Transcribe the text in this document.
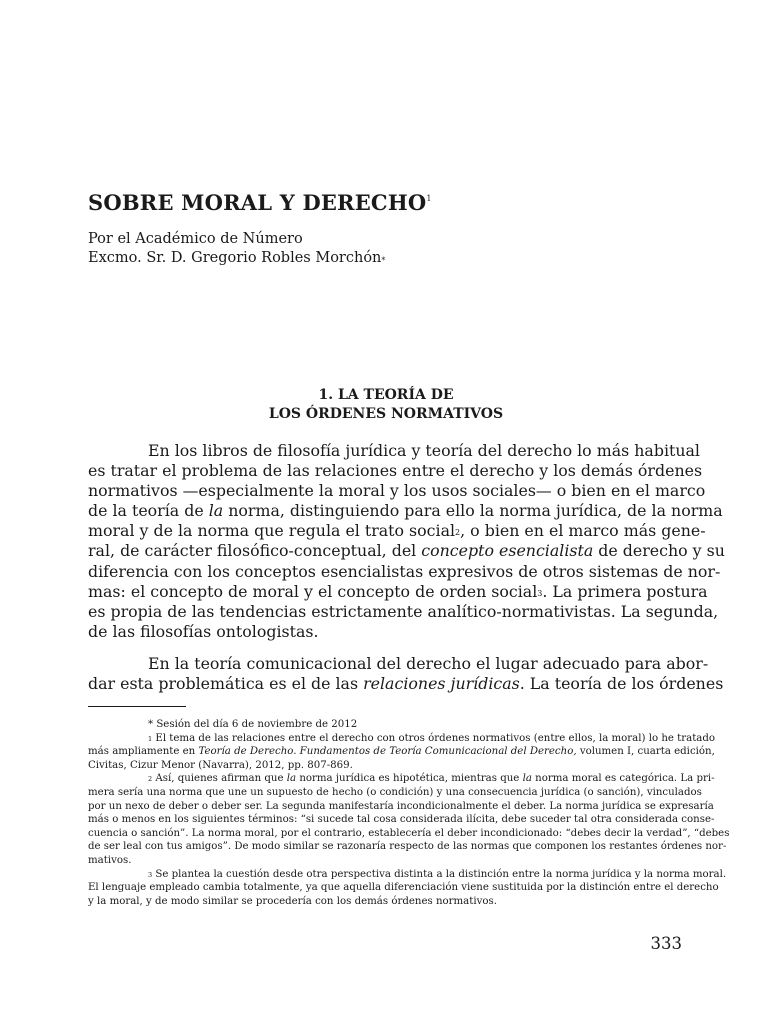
SOBRE MORAL Y DERECHO$^1$
Por el Académico de Número
Excmo. Sr. D. Gregorio Robles Morchón*
1. LA TEORÍA DE
LOS ÓRDENES NORMATIVOS
En los libros de filosofía jurídica y teoría del derecho lo más habitual
es tratar el problema de las relaciones entre el derecho y los demás órdenes
normativos —especialmente la moral y los usos sociales— o bien en el marco
de la teoría de la norma, distinguiendo para ello la norma jurídica, de la norma
moral y de la norma que regula el trato social$^2$, o bien en el marco más gene-
ral, de carácter filosófico-conceptual, del concepto esencialista de derecho y su
diferencia con los conceptos esencialistas expresivos de otros sistemas de nor-
mas: el concepto de moral y el concepto de orden social$^3$. La primera postura
es propia de las tendencias estrictamente analítico-normativistas. La segunda,
de las filosofías ontologistas.
En la teoría comunicacional del derecho el lugar adecuado para abor-
dar esta problemática es el de las relaciones jurídicas. La teoría de los órdenes
* Sesión del día 6 de noviembre de 2012
$^1$ El tema de las relaciones entre el derecho con otros órdenes normativos (entre ellos, la moral) lo he tratado
más ampliamente en Teoría de Derecho. Fundamentos de Teoría Comunicacional del Derecho, volumen I, cuarta edición,
Civitas, Cizur Menor (Navarra), 2012, pp. 807-869.
$^2$ Así, quienes afirman que la norma jurídica es hipotética, mientras que la norma moral es categórica. La pri-
mera sería una norma que une un supuesto de hecho (o condición) y una consecuencia jurídica (o sanción), vinculados
por un nexo de deber o deber ser. La segunda manifestaría incondicionalmente el deber. La norma jurídica se expresaría
más o menos en los siguientes términos: “si sucede tal cosa considerada ilícita, debe suceder tal otra considerada conse-
cuencia o sanción”. La norma moral, por el contrario, establecería el deber incondicionado: “debes decir la verdad”, “debes
de ser leal con tus amigos”. De modo similar se razonaría respecto de las normas que componen los restantes órdenes nor-
mativos.
$^3$ Se plantea la cuestión desde otra perspectiva distinta a la distinción entre la norma jurídica y la norma moral.
El lenguaje empleado cambia totalmente, ya que aquella diferenciación viene sustituida por la distinción entre el derecho
y la moral, y de modo similar se procedería con los demás órdenes normativos.
333
